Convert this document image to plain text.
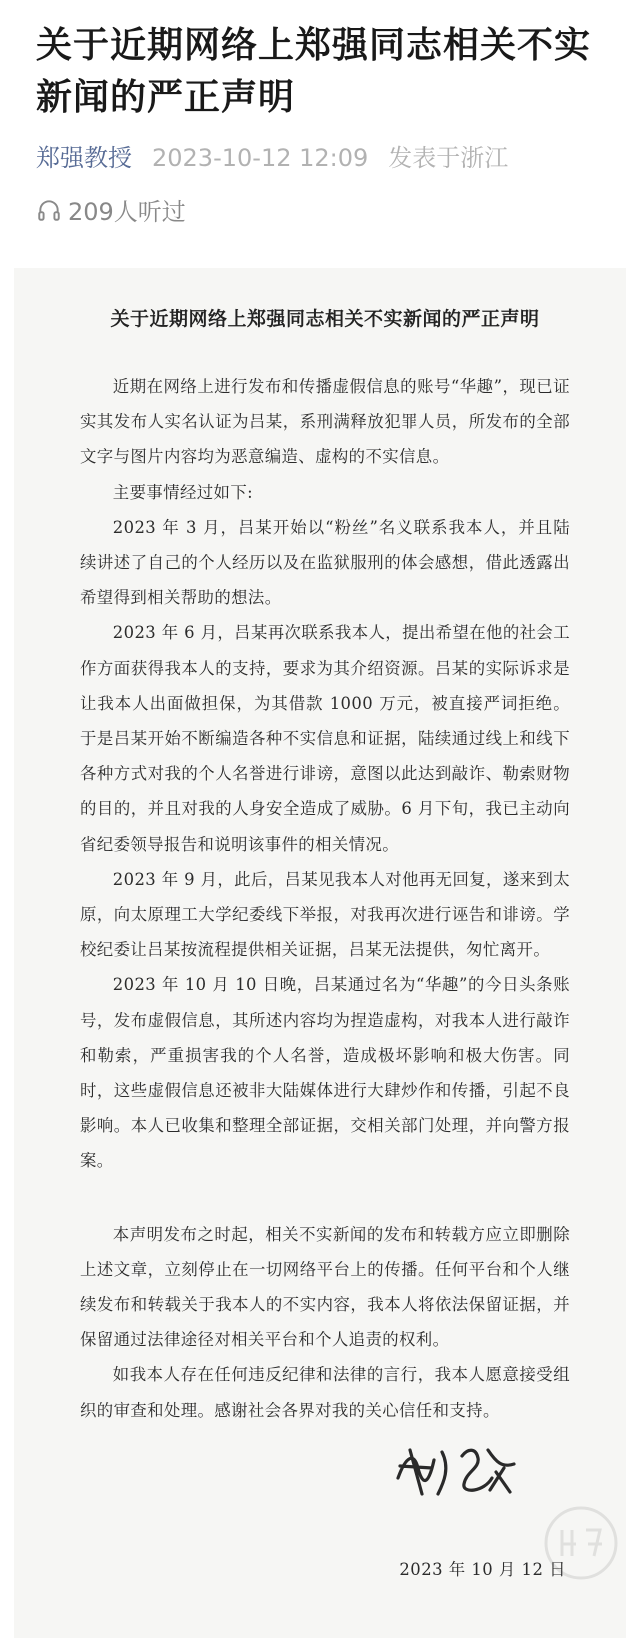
关于近期网络上郑强同志相关不实新闻的严正声明
郑强教授 2023-10-12 12:09 发表于浙江
209人听过
关于近期网络上郑强同志相关不实新闻的严正声明

近期在网络上进行发布和传播虚假信息的账号“华趣”，现已证实其发布人实名认证为吕某，系刑满释放犯罪人员，所发布的全部文字与图片内容均为恶意编造、虚构的不实信息。

主要事情经过如下:

2023 年 3 月，吕某开始以“粉丝”名义联系我本人，并且陆续讲述了自己的个人经历以及在监狱服刑的体会感想，借此透露出希望得到相关帮助的想法。

2023 年 6 月，吕某再次联系我本人，提出希望在他的社会工作方面获得我本人的支持，要求为其介绍资源。吕某的实际诉求是让我本人出面做担保，为其借款 1000 万元，被直接严词拒绝。于是吕某开始不断编造各种不实信息和证据，陆续通过线上和线下各种方式对我的个人名誉进行诽谤，意图以此达到敲诈、勒索财物的目的，并且对我的人身安全造成了威胁。6 月下旬，我已主动向省纪委领导报告和说明该事件的相关情况。

2023 年 9 月，此后，吕某见我本人对他再无回复，遂来到太原，向太原理工大学纪委线下举报，对我再次进行诬告和诽谤。学校纪委让吕某按流程提供相关证据，吕某无法提供，匆忙离开。

2023 年 10 月 10 日晚，吕某通过名为“华趣”的今日头条账号，发布虚假信息，其所述内容均为捏造虚构，对我本人进行敲诈和勒索，严重损害我的个人名誉，造成极坏影响和极大伤害。同时，这些虚假信息还被非大陆媒体进行大肆炒作和传播，引起不良影响。本人已收集和整理全部证据，交相关部门处理，并向警方报案。

本声明发布之时起，相关不实新闻的发布和转载方应立即删除上述文章，立刻停止在一切网络平台上的传播。任何平台和个人继续发布和转载关于我本人的不实内容，我本人将依法保留证据，并保留通过法律途径对相关平台和个人追责的权利。

如我本人存在任何违反纪律和法律的言行，我本人愿意接受组织的审查和处理。感谢社会各界对我的关心信任和支持。

2023 年 10 月 12 日
